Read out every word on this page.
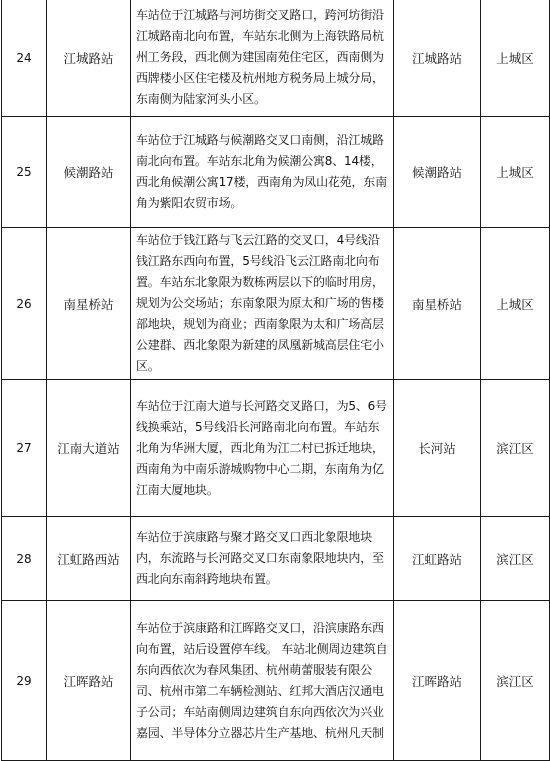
24	江城路站	车站位于江城路与河坊街交叉路口，跨河坊街沿江城路南北向布置，车站东北侧为上海铁路局杭州工务段，西北侧为建国南苑住宅区，西南侧为西牌楼小区住宅楼及杭州地方税务局上城分局，东南侧为陆家河头小区。	江城路站	上城区
25	候潮路站	车站位于江城路与候潮路交叉口南侧，沿江城路南北向布置。车站东北角为候潮公寓8、14楼，西北角候潮公寓17楼，西南角为凤山花苑，东南角为紫阳农贸市场。	候潮路站	上城区
26	南星桥站	车站位于钱江路与飞云江路的交叉口，4号线沿钱江路东西向布置，5号线沿飞云江路南北向布置。车站东北象限为数栋两层以下的临时用房，规划为公交场站；东南象限为原太和广场的售楼部地块，规划为商业；西南象限为太和广场高层公建群、西北象限为新建的凤凰新城高层住宅小区。	南星桥站	上城区
27	江南大道站	车站位于江南大道与长河路交叉路口，为5、6号线换乘站，5号线沿长河路南北向布置。车站东北角为华洲大厦，西北角为江二村已拆迁地块，西南角为中南乐游城购物中心二期，东南角为亿江南大厦地块。	长河站	滨江区
28	江虹路西站	车站位于滨康路与聚才路交叉口西北象限地块内，东流路与长河路交叉口东南象限地块内，至西北向东南斜跨地块布置。	江虹路站	滨江区
29	江晖路站	车站位于滨康路和江晖路交叉口，沿滨康路东西向布置，站后设置停车线。 车站北侧周边建筑自东向西依次为春风集团、杭州萌蕾服装有限公司、杭州市第二车辆检测站、红邦大酒店汉通电子公司；车站南侧周边建筑自东向西依次为兴业嘉园、半导体分立器芯片生产基地、杭州凡天制	江晖路站	滨江区
